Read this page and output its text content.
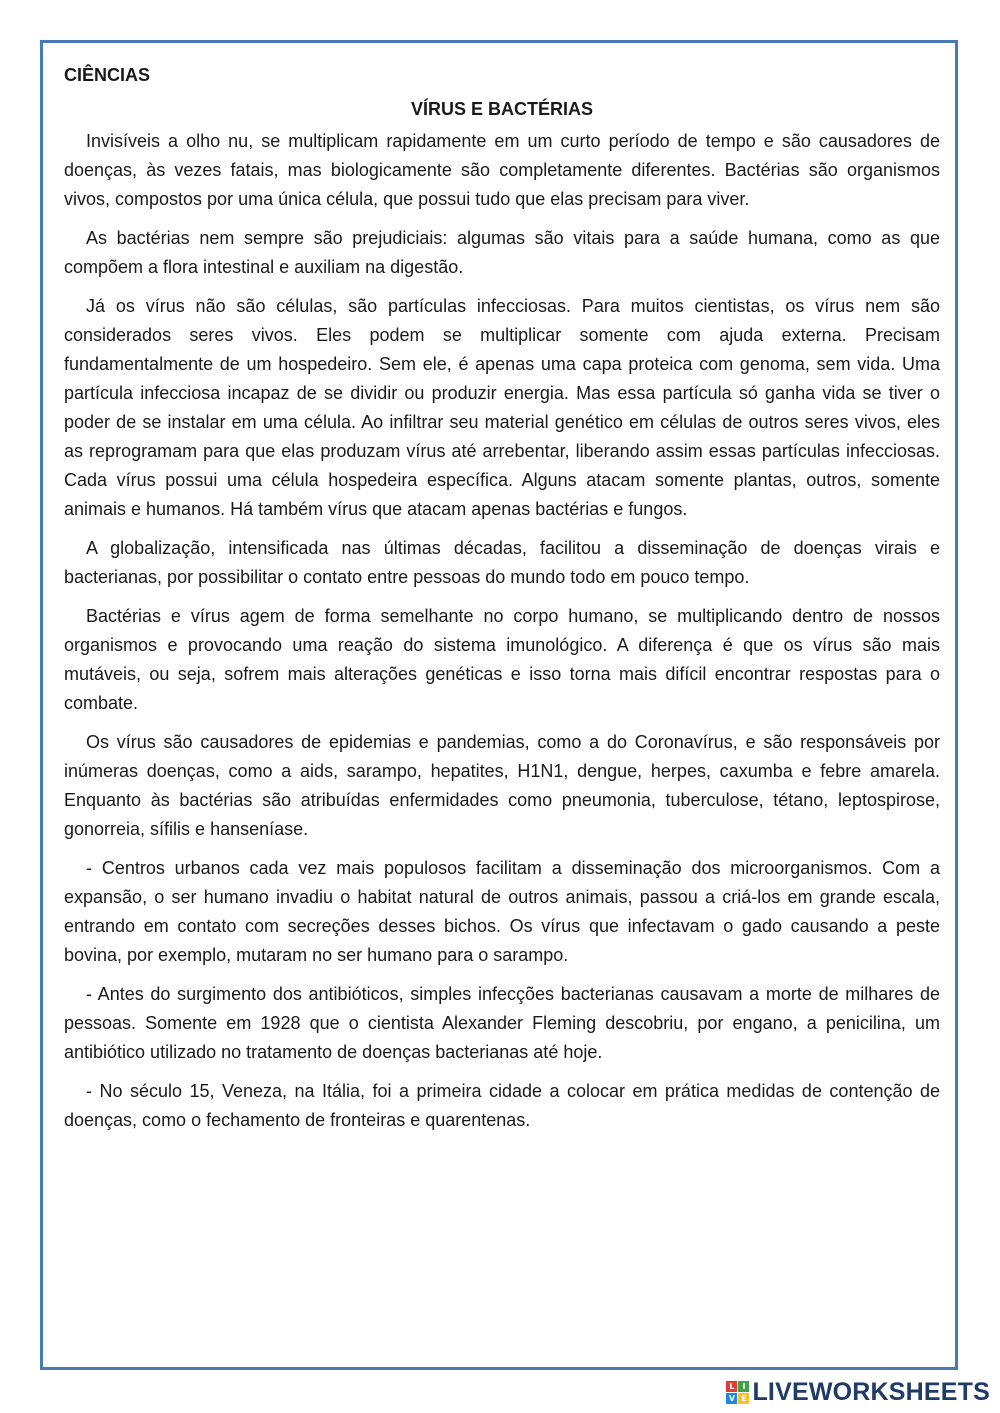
CIÊNCIAS
VÍRUS E BACTÉRIAS

Invisíveis a olho nu, se multiplicam rapidamente em um curto período de tempo e são causadores de doenças, às vezes fatais, mas biologicamente são completamente diferentes. Bactérias são organismos vivos, compostos por uma única célula, que possui tudo que elas precisam para viver.

As bactérias nem sempre são prejudiciais: algumas são vitais para a saúde humana, como as que compõem a flora intestinal e auxiliam na digestão.

Já os vírus não são células, são partículas infecciosas. Para muitos cientistas, os vírus nem são considerados seres vivos. Eles podem se multiplicar somente com ajuda externa. Precisam fundamentalmente de um hospedeiro. Sem ele, é apenas uma capa proteica com genoma, sem vida. Uma partícula infecciosa incapaz de se dividir ou produzir energia. Mas essa partícula só ganha vida se tiver o poder de se instalar em uma célula. Ao infiltrar seu material genético em células de outros seres vivos, eles as reprogramam para que elas produzam vírus até arrebentar, liberando assim essas partículas infecciosas. Cada vírus possui uma célula hospedeira específica. Alguns atacam somente plantas, outros, somente animais e humanos. Há também vírus que atacam apenas bactérias e fungos.

A globalização, intensificada nas últimas décadas, facilitou a disseminação de doenças virais e bacterianas, por possibilitar o contato entre pessoas do mundo todo em pouco tempo.

Bactérias e vírus agem de forma semelhante no corpo humano, se multiplicando dentro de nossos organismos e provocando uma reação do sistema imunológico. A diferença é que os vírus são mais mutáveis, ou seja, sofrem mais alterações genéticas e isso torna mais difícil encontrar respostas para o combate.

Os vírus são causadores de epidemias e pandemias, como a do Coronavírus, e são responsáveis por inúmeras doenças, como a aids, sarampo, hepatites, H1N1, dengue, herpes, caxumba e febre amarela. Enquanto às bactérias são atribuídas enfermidades como pneumonia, tuberculose, tétano, leptospirose, gonorreia, sífilis e hanseníase.

- Centros urbanos cada vez mais populosos facilitam a disseminação dos microorganismos. Com a expansão, o ser humano invadiu o habitat natural de outros animais, passou a criá-los em grande escala, entrando em contato com secreções desses bichos. Os vírus que infectavam o gado causando a peste bovina, por exemplo, mutaram no ser humano para o sarampo.

- Antes do surgimento dos antibióticos, simples infecções bacterianas causavam a morte de milhares de pessoas. Somente em 1928 que o cientista Alexander Fleming descobriu, por engano, a penicilina, um antibiótico utilizado no tratamento de doenças bacterianas até hoje.

- No século 15, Veneza, na Itália, foi a primeira cidade a colocar em prática medidas de contenção de doenças, como o fechamento de fronteiras e quarentenas.

L I
V E LIVEWORKSHEETS
